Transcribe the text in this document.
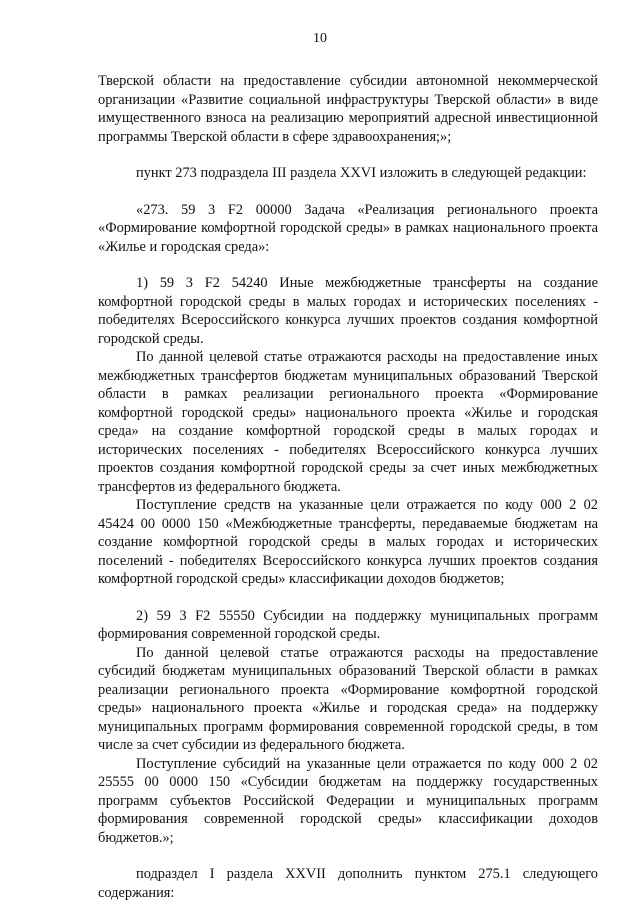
10

Тверской области на предоставление субсидии автономной некоммерческой организации «Развитие социальной инфраструктуры Тверской области» в виде имущественного взноса на реализацию мероприятий адресной инвестиционной программы Тверской области в сфере здравоохранения;»;

пункт 273 подраздела III раздела XXVI изложить в следующей редакции:

«273. 59 3 F2 00000 Задача «Реализация регионального проекта «Формирование комфортной городской среды» в рамках национального проекта «Жилье и городская среда»:

1) 59 3 F2 54240 Иные межбюджетные трансферты на создание комфортной городской среды в малых городах и исторических поселениях - победителях Всероссийского конкурса лучших проектов создания комфортной городской среды.

По данной целевой статье отражаются расходы на предоставление иных межбюджетных трансфертов бюджетам муниципальных образований Тверской области в рамках реализации регионального проекта «Формирование комфортной городской среды» национального проекта «Жилье и городская среда» на создание комфортной городской среды в малых городах и исторических поселениях - победителях Всероссийского конкурса лучших проектов создания комфортной городской среды за счет иных межбюджетных трансфертов из федерального бюджета.

Поступление средств на указанные цели отражается по коду 000 2 02 45424 00 0000 150 «Межбюджетные трансферты, передаваемые бюджетам на создание комфортной городской среды в малых городах и исторических поселений - победителях Всероссийского конкурса лучших проектов создания комфортной городской среды» классификации доходов бюджетов;

2) 59 3 F2 55550 Субсидии на поддержку муниципальных программ формирования современной городской среды.

По данной целевой статье отражаются расходы на предоставление субсидий бюджетам муниципальных образований Тверской области в рамках реализации регионального проекта «Формирование комфортной городской среды» национального проекта «Жилье и городская среда» на поддержку муниципальных программ формирования современной городской среды, в том числе за счет субсидии из федерального бюджета.

Поступление субсидий на указанные цели отражается по коду 000 2 02 25555 00 0000 150 «Субсидии бюджетам на поддержку государственных программ субъектов Российской Федерации и муниципальных программ формирования современной городской среды» классификации доходов бюджетов.»;

подраздел I раздела XXVII дополнить пунктом 275.1 следующего содержания:
